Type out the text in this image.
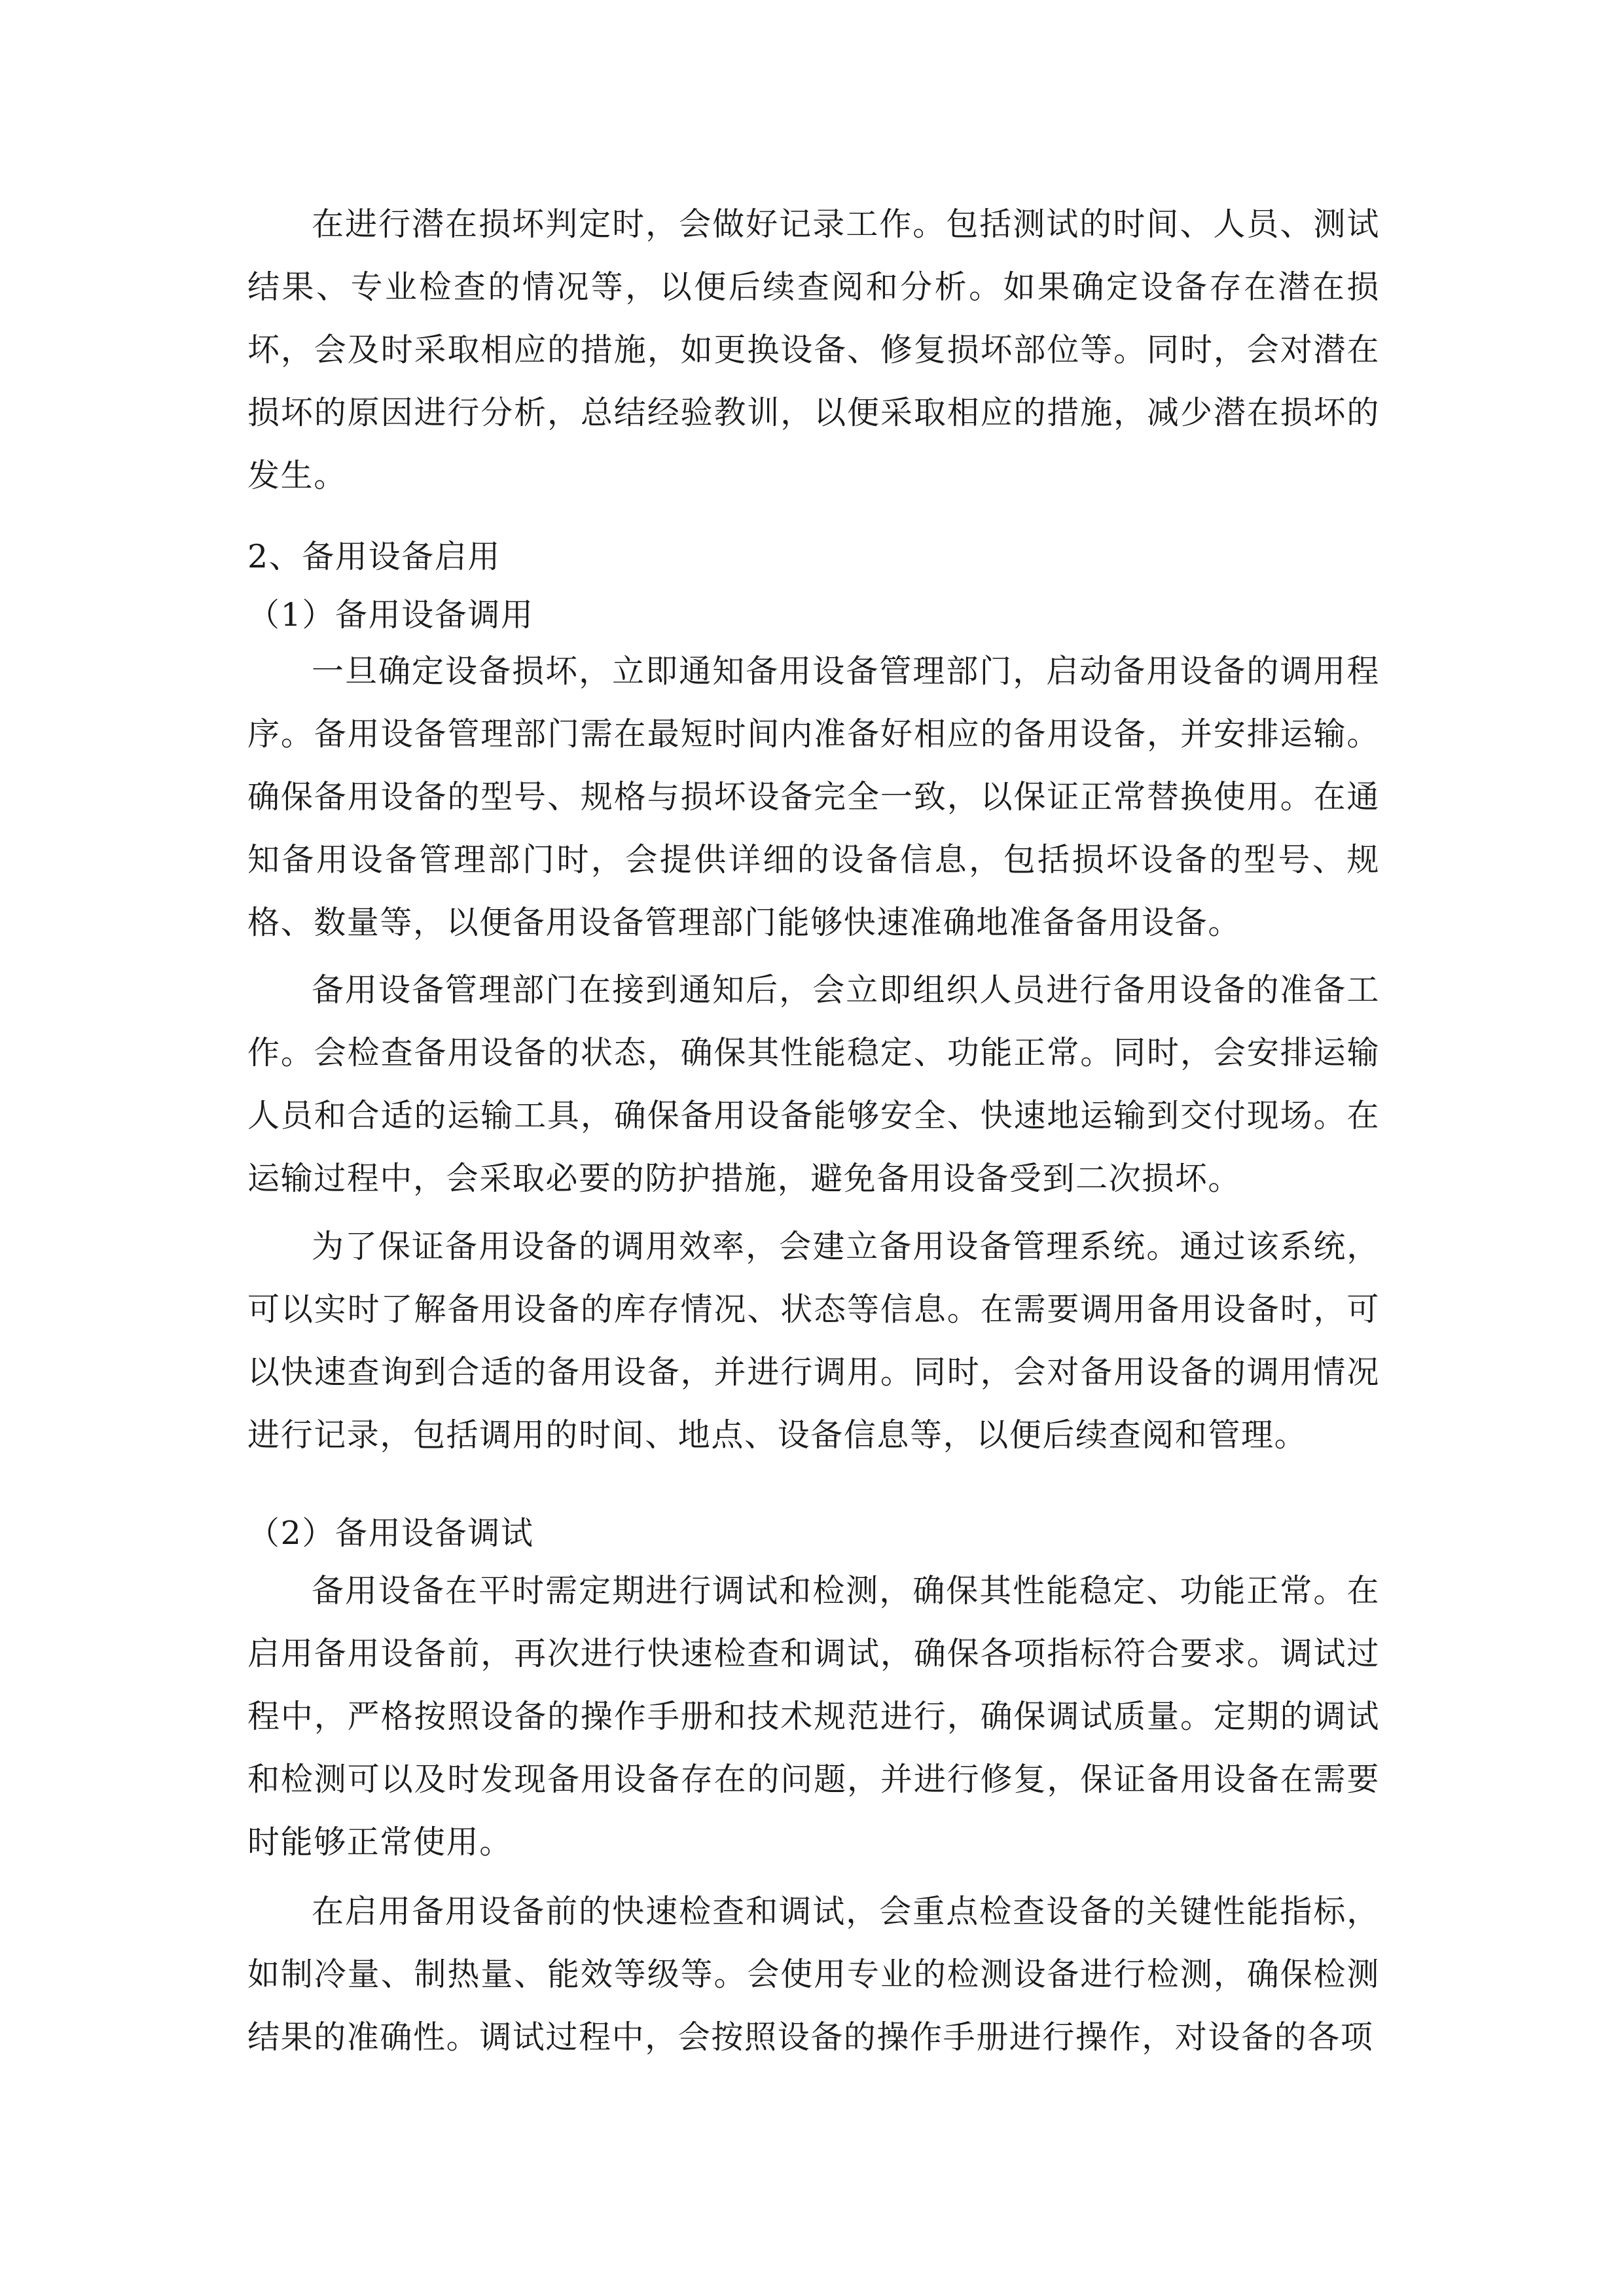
在进行潜在损坏判定时，会做好记录工作。包括测试的时间、人员、测试结果、专业检查的情况等，以便后续查阅和分析。如果确定设备存在潜在损坏，会及时采取相应的措施，如更换设备、修复损坏部位等。同时，会对潜在损坏的原因进行分析，总结经验教训，以便采取相应的措施，减少潜在损坏的发生。

2、备用设备启用

（1）备用设备调用

一旦确定设备损坏，立即通知备用设备管理部门，启动备用设备的调用程序。备用设备管理部门需在最短时间内准备好相应的备用设备，并安排运输。确保备用设备的型号、规格与损坏设备完全一致，以保证正常替换使用。在通知备用设备管理部门时，会提供详细的设备信息，包括损坏设备的型号、规格、数量等，以便备用设备管理部门能够快速准确地准备备用设备。

备用设备管理部门在接到通知后，会立即组织人员进行备用设备的准备工作。会检查备用设备的状态，确保其性能稳定、功能正常。同时，会安排运输人员和合适的运输工具，确保备用设备能够安全、快速地运输到交付现场。在运输过程中，会采取必要的防护措施，避免备用设备受到二次损坏。

为了保证备用设备的调用效率，会建立备用设备管理系统。通过该系统，可以实时了解备用设备的库存情况、状态等信息。在需要调用备用设备时，可以快速查询到合适的备用设备，并进行调用。同时，会对备用设备的调用情况进行记录，包括调用的时间、地点、设备信息等，以便后续查阅和管理。

（2）备用设备调试

备用设备在平时需定期进行调试和检测，确保其性能稳定、功能正常。在启用备用设备前，再次进行快速检查和调试，确保各项指标符合要求。调试过程中，严格按照设备的操作手册和技术规范进行，确保调试质量。定期的调试和检测可以及时发现备用设备存在的问题，并进行修复，保证备用设备在需要时能够正常使用。

在启用备用设备前的快速检查和调试，会重点检查设备的关键性能指标，如制冷量、制热量、能效等级等。会使用专业的检测设备进行检测，确保检测结果的准确性。调试过程中，会按照设备的操作手册进行操作，对设备的各项
